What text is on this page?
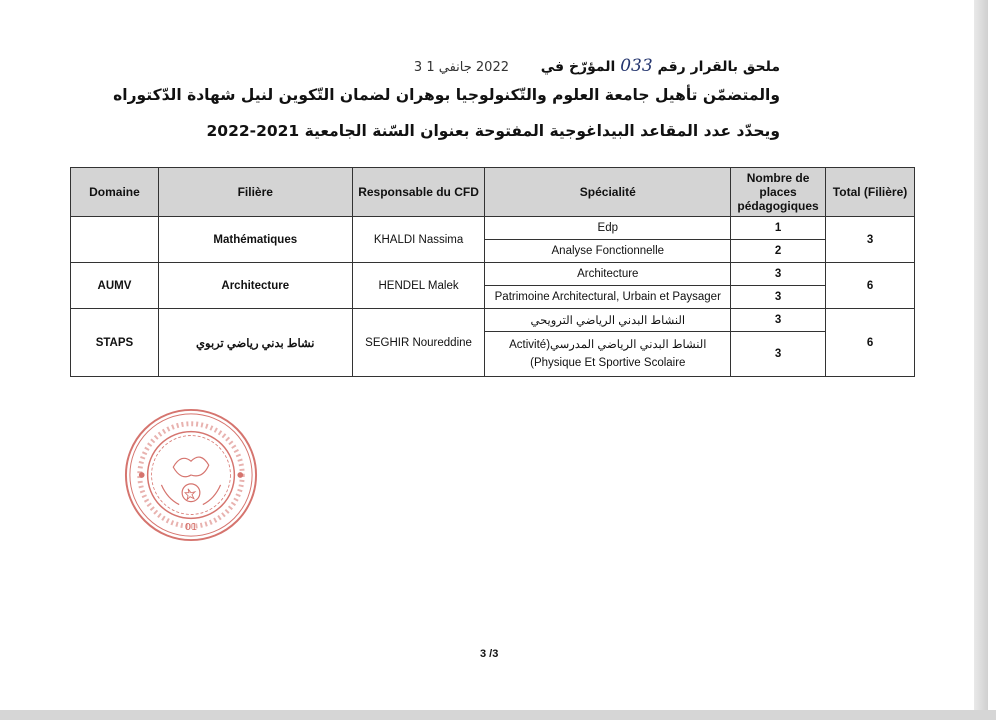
ملحق بالقرار رقم 033 المؤرّخ في  2022 جانفي 1 3
والمتضمّن تأهيل جامعة العلوم والتّكنولوجيا بوهران لضمان التّكوين لنيل شهادة الدّكتوراه
ويحدّد عدد المقاعد البيداغوجية المفتوحة بعنوان السّنة الجامعية 2021-2022
Domaine	Filière	Responsable du CFD	Spécialité	Nombre de places pédagogiques	Total (Filière)
	Mathématiques	KHALDI Nassima	Edp	1	3
			Analyse Fonctionnelle	2	
AUMV	Architecture	HENDEL Malek	Architecture	3	6
			Patrimoine Architectural, Urbain et Paysager	3	
STAPS	نشاط بدني رياضي تربوي	SEGHIR Noureddine	النشاط البدني الرياضي الترويحي	3	6
			النشاط البدني الرياضي المدرسي(Activité Physique Et Sportive Scolaire)	3	
01
3 /3
